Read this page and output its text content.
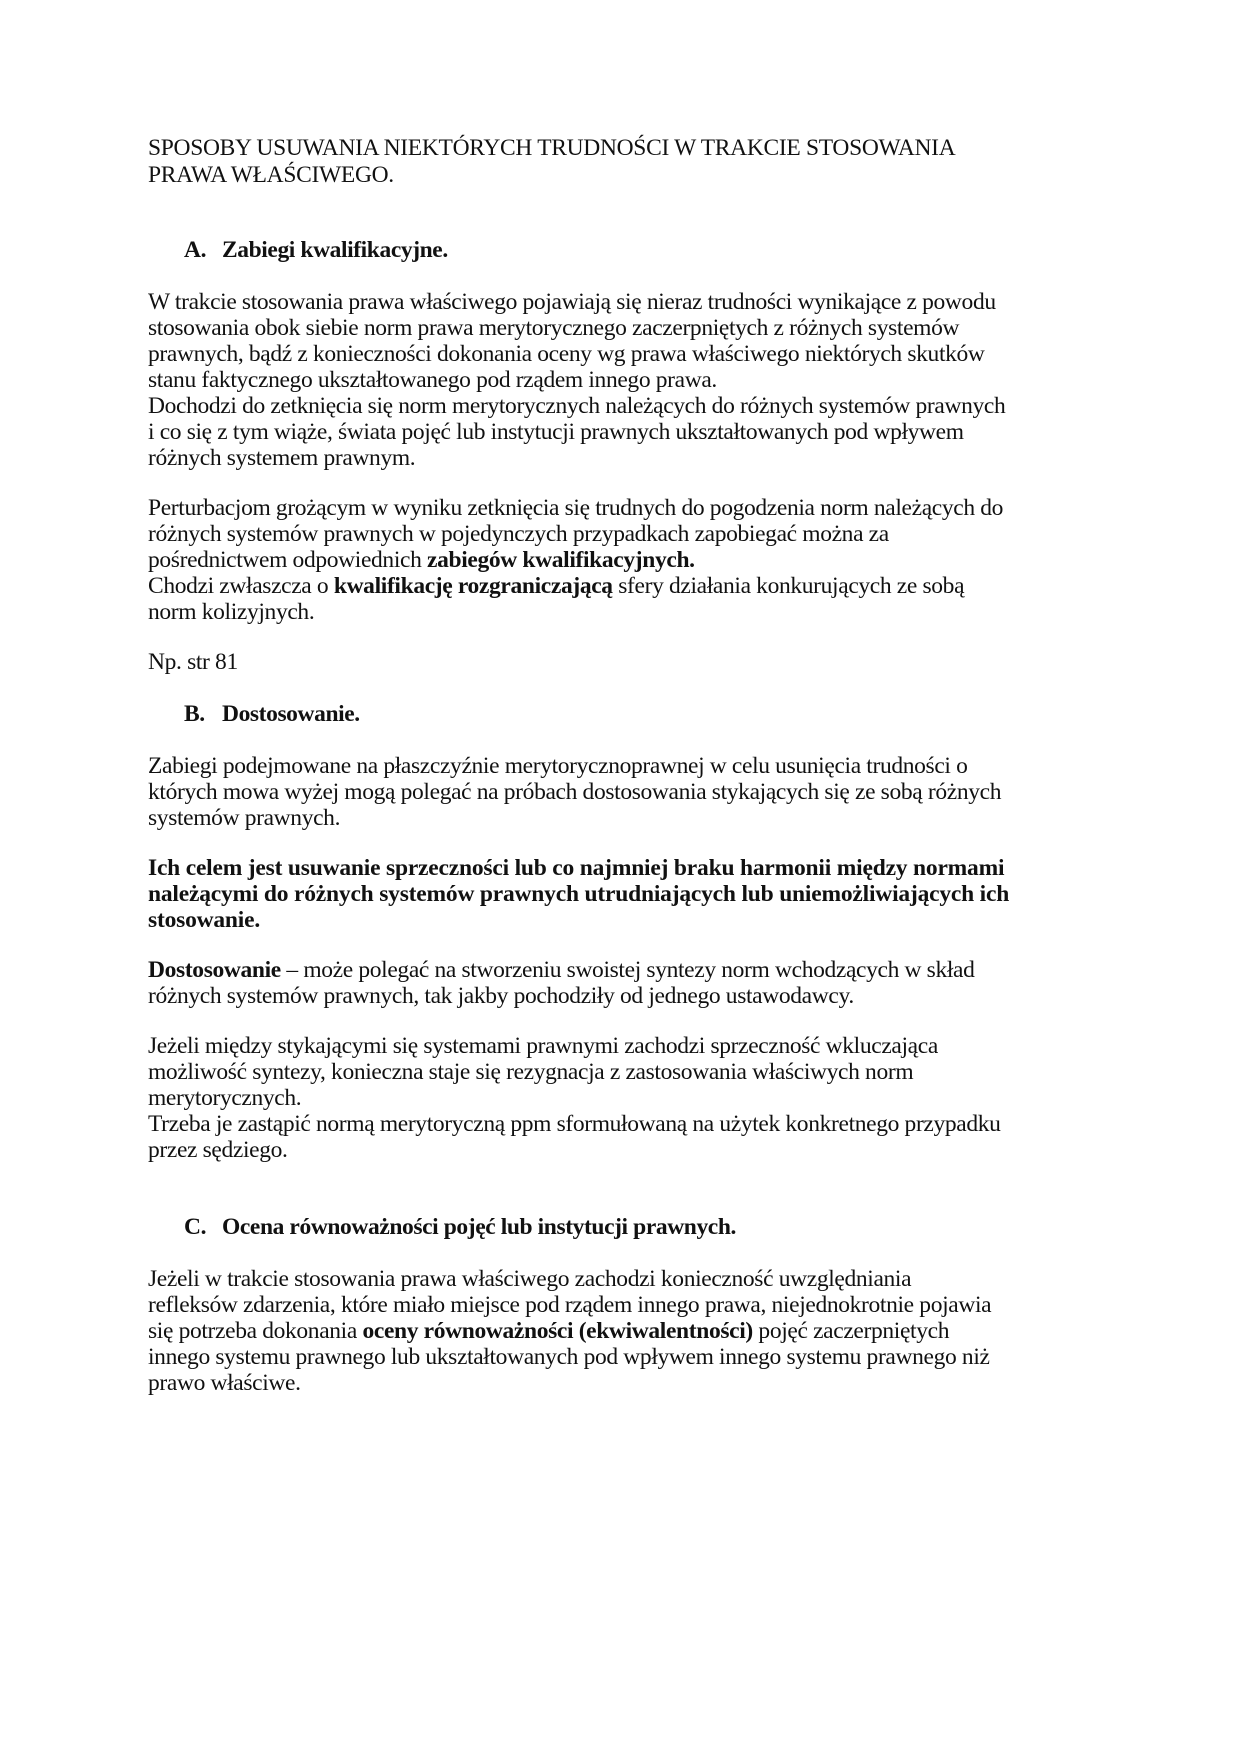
SPOSOBY USUWANIA NIEKTÓRYCH TRUDNOŚCI W TRAKCIE STOSOWANIA
PRAWA WŁAŚCIWEGO.
A. Zabiegi kwalifikacyjne.
W trakcie stosowania prawa właściwego pojawiają się nieraz trudności wynikające z powodu
stosowania obok siebie norm prawa merytorycznego zaczerpniętych z różnych systemów
prawnych, bądź z konieczności dokonania oceny wg prawa właściwego niektórych skutków
stanu faktycznego ukształtowanego pod rządem innego prawa.
Dochodzi do zetknięcia się norm merytorycznych należących do różnych systemów prawnych
i co się z tym wiąże, świata pojęć lub instytucji prawnych ukształtowanych pod wpływem
różnych systemem prawnym.
Perturbacjom grożącym w wyniku zetknięcia się trudnych do pogodzenia norm należących do
różnych systemów prawnych w pojedynczych przypadkach zapobiegać można za
pośrednictwem odpowiednich zabiegów kwalifikacyjnych.
Chodzi zwłaszcza o kwalifikację rozgraniczającą sfery działania konkurujących ze sobą
norm kolizyjnych.
Np. str 81
B. Dostosowanie.
Zabiegi podejmowane na płaszczyźnie merytorycznoprawnej w celu usunięcia trudności o
których mowa wyżej mogą polegać na próbach dostosowania stykających się ze sobą różnych
systemów prawnych.
Ich celem jest usuwanie sprzeczności lub co najmniej braku harmonii między normami
należącymi do różnych systemów prawnych utrudniających lub uniemożliwiających ich
stosowanie.
Dostosowanie – może polegać na stworzeniu swoistej syntezy norm wchodzących w skład
różnych systemów prawnych, tak jakby pochodziły od jednego ustawodawcy.
Jeżeli między stykającymi się systemami prawnymi zachodzi sprzeczność wkluczająca
możliwość syntezy, konieczna staje się rezygnacja z zastosowania właściwych norm
merytorycznych.
Trzeba je zastąpić normą merytoryczną ppm sformułowaną na użytek konkretnego przypadku
przez sędziego.
C. Ocena równoważności pojęć lub instytucji prawnych.
Jeżeli w trakcie stosowania prawa właściwego zachodzi konieczność uwzględniania
refleksów zdarzenia, które miało miejsce pod rządem innego prawa, niejednokrotnie pojawia
się potrzeba dokonania oceny równoważności (ekwiwalentności) pojęć zaczerpniętych
innego systemu prawnego lub ukształtowanych pod wpływem innego systemu prawnego niż
prawo właściwe.
